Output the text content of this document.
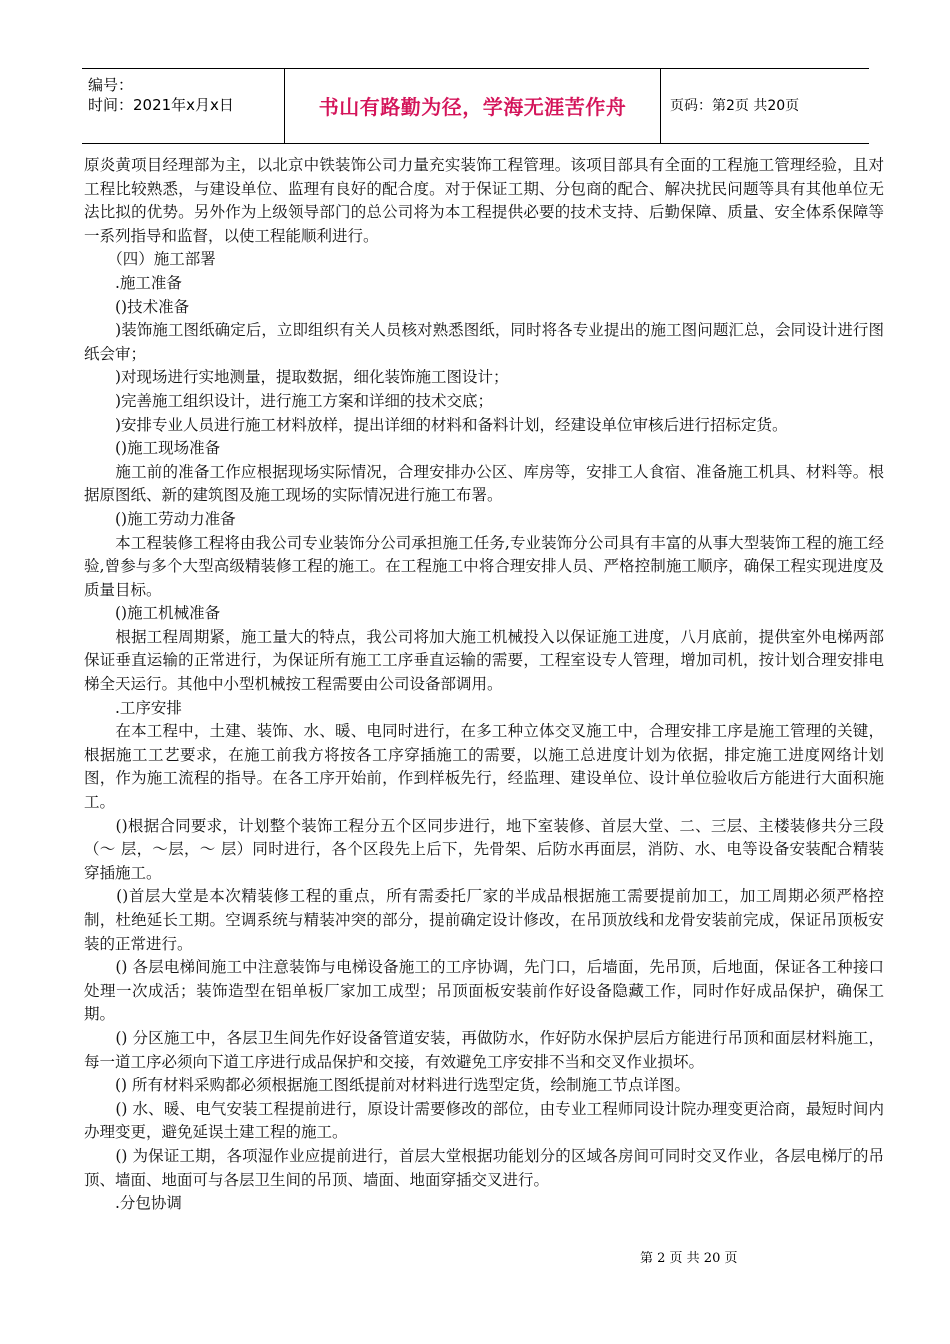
编号：
时间：2021年x月x日	书山有路勤为径，学海无涯苦作舟	页码：第2页 共20页

原炎黄项目经理部为主，以北京中铁装饰公司力量充实装饰工程管理。该项目部具有全面的工程施工管理经验，且对工程比较熟悉，与建设单位、监理有良好的配合度。对于保证工期、分包商的配合、解决扰民问题等具有其他单位无法比拟的优势。另外作为上级领导部门的总公司将为本工程提供必要的技术支持、后勤保障、质量、安全体系保障等一系列指导和监督，以使工程能顺利进行。

　　（四）施工部署

　　.施工准备

　　()技术准备

　　)装饰施工图纸确定后，立即组织有关人员核对熟悉图纸，同时将各专业提出的施工图问题汇总，会同设计进行图纸会审；

　　)对现场进行实地测量，提取数据，细化装饰施工图设计；

　　)完善施工组织设计，进行施工方案和详细的技术交底；

　　)安排专业人员进行施工材料放样，提出详细的材料和备料计划，经建设单位审核后进行招标定货。

　　()施工现场准备

　　施工前的准备工作应根据现场实际情况，合理安排办公区、库房等，安排工人食宿、准备施工机具、材料等。根据原图纸、新的建筑图及施工现场的实际情况进行施工布署。

　　()施工劳动力准备

　　本工程装修工程将由我公司专业装饰分公司承担施工任务,专业装饰分公司具有丰富的从事大型装饰工程的施工经验,曾参与多个大型高级精装修工程的施工。在工程施工中将合理安排人员、严格控制施工顺序，确保工程实现进度及质量目标。

　　()施工机械准备

　　根据工程周期紧，施工量大的特点，我公司将加大施工机械投入以保证施工进度，八月底前，提供室外电梯两部保证垂直运输的正常进行，为保证所有施工工序垂直运输的需要，工程室设专人管理，增加司机，按计划合理安排电梯全天运行。其他中小型机械按工程需要由公司设备部调用。

　　.工序安排

　　在本工程中，土建、装饰、水、暖、电同时进行，在多工种立体交叉施工中，合理安排工序是施工管理的关键，根据施工工艺要求，在施工前我方将按各工序穿插施工的需要，以施工总进度计划为依据，排定施工进度网络计划图，作为施工流程的指导。在各工序开始前，作到样板先行，经监理、建设单位、设计单位验收后方能进行大面积施工。

　　()根据合同要求，计划整个装饰工程分五个区同步进行，地下室装修、首层大堂、二、三层、主楼装修共分三段（～ 层，～层，～ 层）同时进行，各个区段先上后下，先骨架、后防水再面层，消防、水、电等设备安装配合精装穿插施工。

　　()首层大堂是本次精装修工程的重点，所有需委托厂家的半成品根据施工需要提前加工，加工周期必须严格控制，杜绝延长工期。空调系统与精装冲突的部分，提前确定设计修改，在吊顶放线和龙骨安装前完成，保证吊顶板安装的正常进行。

　　() 各层电梯间施工中注意装饰与电梯设备施工的工序协调，先门口，后墙面，先吊顶，后地面，保证各工种接口处理一次成活；装饰造型在铝单板厂家加工成型；吊顶面板安装前作好设备隐藏工作，同时作好成品保护，确保工期。

　　() 分区施工中，各层卫生间先作好设备管道安装，再做防水，作好防水保护层后方能进行吊顶和面层材料施工，每一道工序必须向下道工序进行成品保护和交接，有效避免工序安排不当和交叉作业损坏。

　　() 所有材料采购都必须根据施工图纸提前对材料进行选型定货，绘制施工节点详图。

　　() 水、暖、电气安装工程提前进行，原设计需要修改的部位，由专业工程师同设计院办理变更洽商，最短时间内办理变更，避免延误土建工程的施工。

　　() 为保证工期，各项湿作业应提前进行，首层大堂根据功能划分的区域各房间可同时交叉作业，各层电梯厅的吊顶、墙面、地面可与各层卫生间的吊顶、墙面、地面穿插交叉进行。

　　.分包协调

第 2 页 共 20 页
